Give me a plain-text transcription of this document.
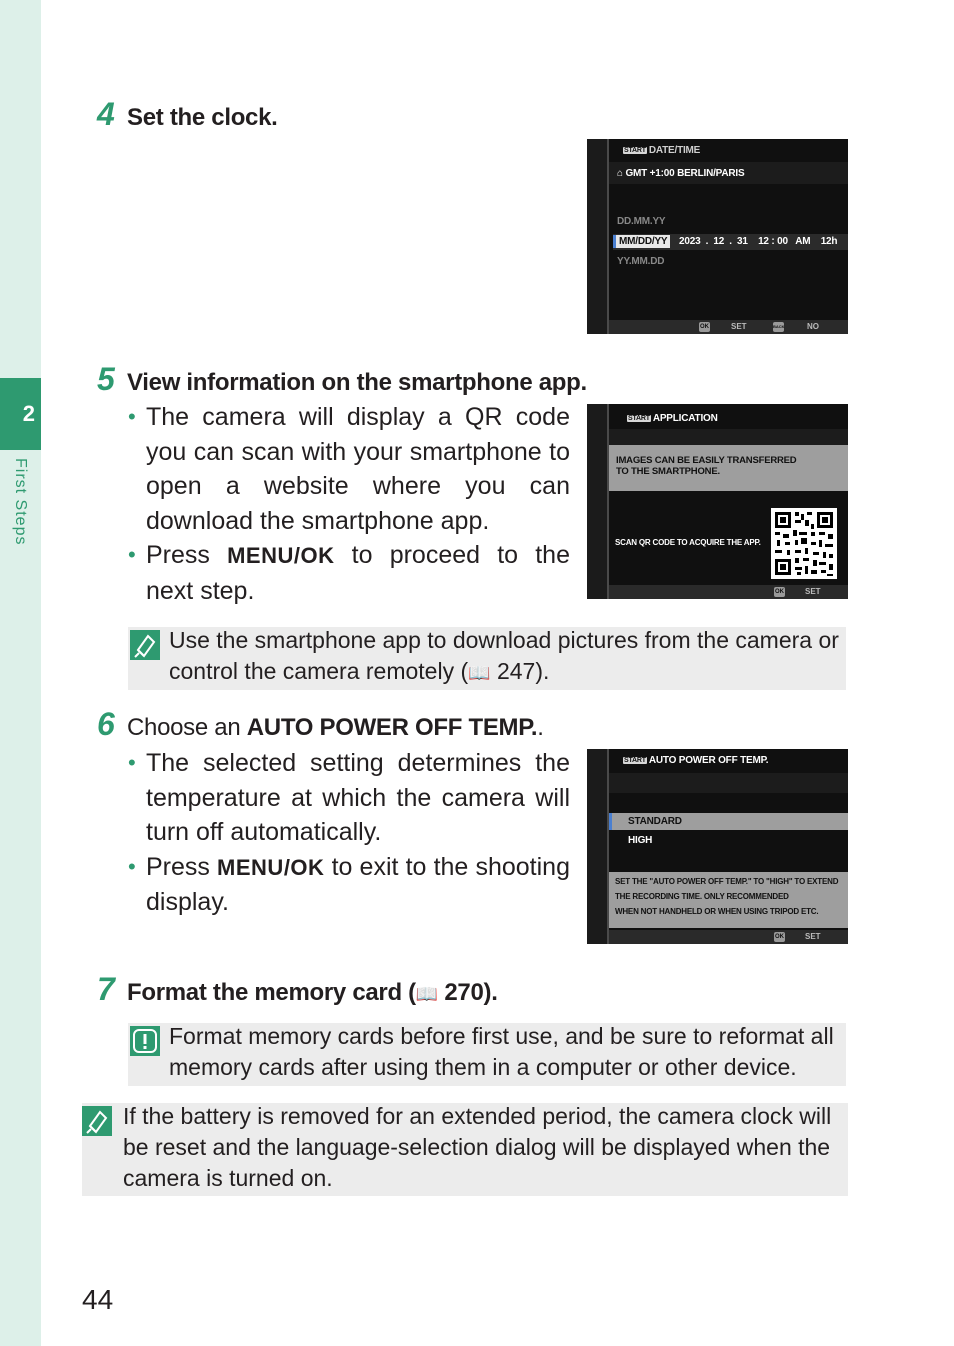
2
First Steps
4 Set the clock.
START DATE/TIME
⌂ GMT +1:00 BERLIN/PARIS
DD.MM.YY
MM/DD/YY	2023  .  12  .  31 12 : 00 AM 12h
YY.MM.DD
OK	SET	BACK	NO
5 View information on the smartphone app.
• The camera will display a QR code you can scan with your smartphone to open a website where you can download the smartphone app.
• Press MENU/OK to proceed to the next step.
START APPLICATION
IMAGES CAN BE EASILY TRANSFERRED
TO THE SMARTPHONE.
SCAN QR CODE TO ACQUIRE THE APP.
OK	SET
Use the smartphone app to download pictures from the camera or control the camera remotely (📖 247).
6 Choose an AUTO POWER OFF TEMP..
• The selected setting determines the temperature at which the camera will turn off automatically.
• Press MENU/OK to exit to the shooting display.
START AUTO POWER OFF TEMP.
STANDARD
HIGH
SET THE "AUTO POWER OFF TEMP." TO "HIGH" TO EXTEND
THE RECORDING TIME. ONLY RECOMMENDED
WHEN NOT HANDHELD OR WHEN USING TRIPOD ETC.
OK	SET
7 Format the memory card (📖 270).
Format memory cards before first use, and be sure to reformat all memory cards after using them in a computer or other device.
If the battery is removed for an extended period, the camera clock will be reset and the language-selection dialog will be displayed when the camera is turned on.
44
